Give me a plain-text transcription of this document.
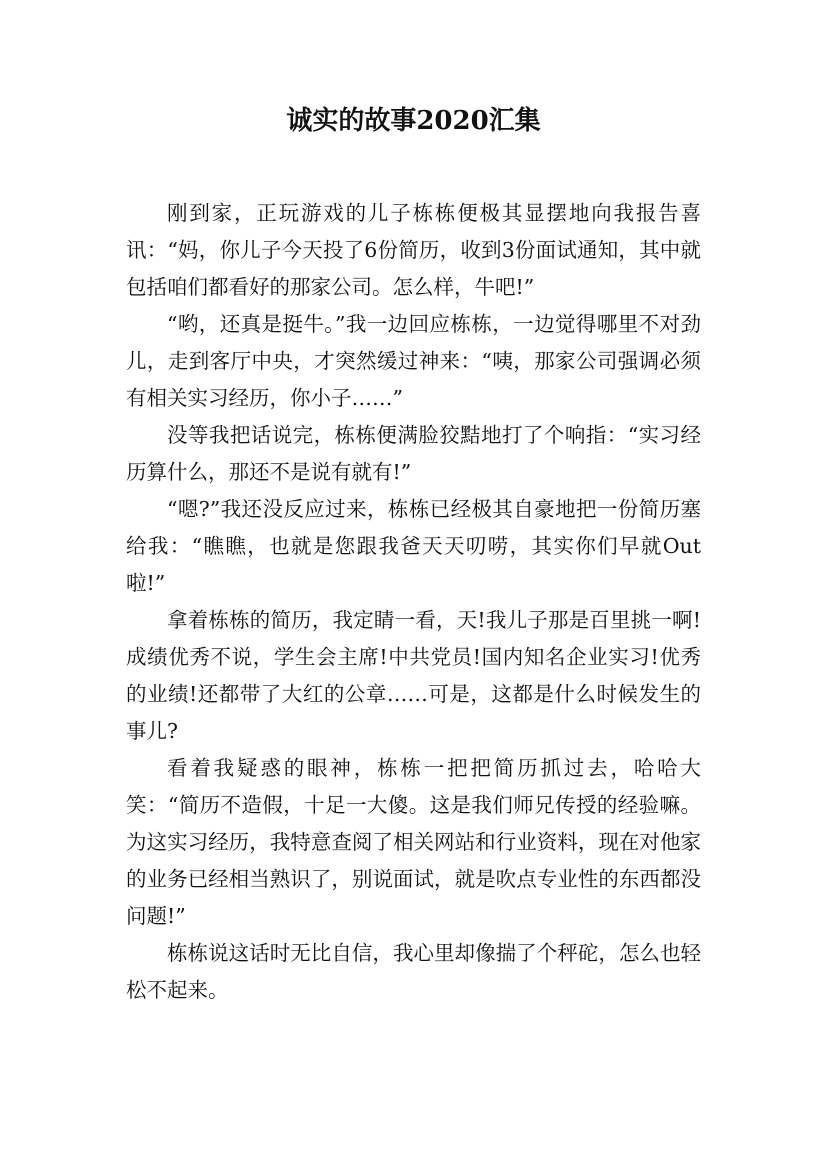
诚实的故事2020汇集

刚到家，正玩游戏的儿子栋栋便极其显摆地向我报告喜讯：“妈，你儿子今天投了6份简历，收到3份面试通知，其中就包括咱们都看好的那家公司。怎么样，牛吧!”

“哟，还真是挺牛。”我一边回应栋栋，一边觉得哪里不对劲儿，走到客厅中央，才突然缓过神来：“咦，那家公司强调必须有相关实习经历，你小子……”

没等我把话说完，栋栋便满脸狡黠地打了个响指：“实习经历算什么，那还不是说有就有!”

“嗯?”我还没反应过来，栋栋已经极其自豪地把一份简历塞给我：“瞧瞧，也就是您跟我爸天天叨唠，其实你们早就Out啦!”

拿着栋栋的简历，我定睛一看，天!我儿子那是百里挑一啊!成绩优秀不说，学生会主席!中共党员!国内知名企业实习!优秀的业绩!还都带了大红的公章……可是，这都是什么时候发生的事儿?

看着我疑惑的眼神，栋栋一把把简历抓过去，哈哈大笑：“简历不造假，十足一大傻。这是我们师兄传授的经验嘛。为这实习经历，我特意查阅了相关网站和行业资料，现在对他家的业务已经相当熟识了，别说面试，就是吹点专业性的东西都没问题!”

栋栋说这话时无比自信，我心里却像揣了个秤砣，怎么也轻松不起来。
